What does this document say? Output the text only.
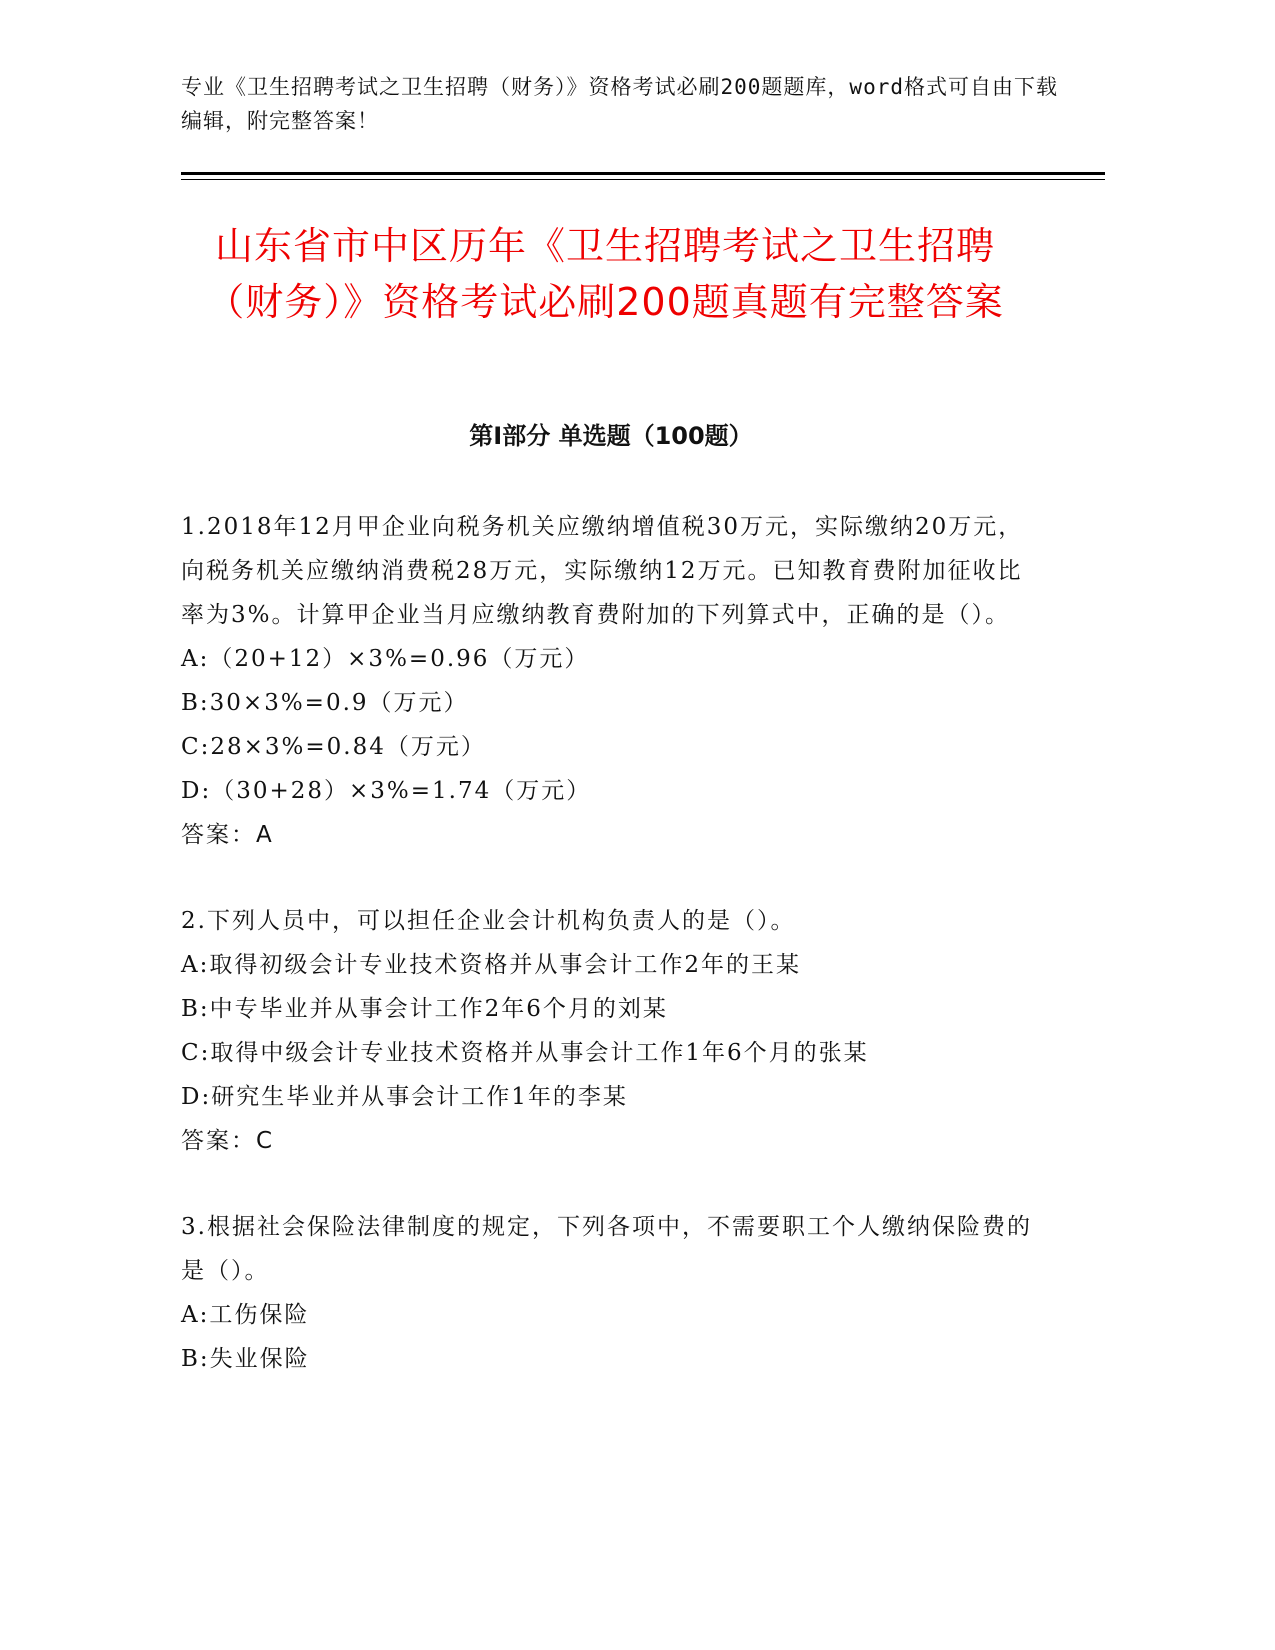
专业《卫生招聘考试之卫生招聘（财务）》资格考试必刷200题题库，word格式可自由下载编辑，附完整答案！
山东省市中区历年《卫生招聘考试之卫生招聘（财务）》资格考试必刷200题真题有完整答案
第I部分 单选题（100题）
1.2018年12月甲企业向税务机关应缴纳增值税30万元，实际缴纳20万元，向税务机关应缴纳消费税28万元，实际缴纳12万元。已知教育费附加征收比率为3%。计算甲企业当月应缴纳教育费附加的下列算式中，正确的是（）。
A:（20+12）×3%=0.96（万元）
B:30×3%=0.9（万元）
C:28×3%=0.84（万元）
D:（30+28）×3%=1.74（万元）
答案：A
2.下列人员中，可以担任企业会计机构负责人的是（）。
A:取得初级会计专业技术资格并从事会计工作2年的王某
B:中专毕业并从事会计工作2年6个月的刘某
C:取得中级会计专业技术资格并从事会计工作1年6个月的张某
D:研究生毕业并从事会计工作1年的李某
答案：C
3.根据社会保险法律制度的规定，下列各项中，不需要职工个人缴纳保险费的是（）。
A:工伤保险
B:失业保险
